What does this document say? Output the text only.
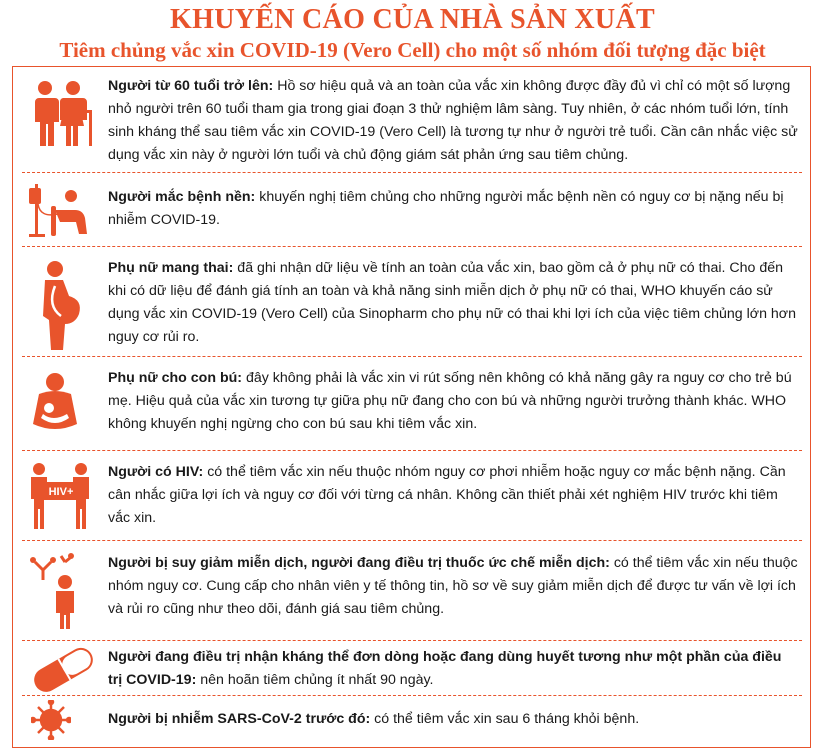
KHUYẾN CÁO CỦA NHÀ SẢN XUẤT
Tiêm chủng vắc xin COVID-19 (Vero Cell) cho một số nhóm đối tượng đặc biệt
Người từ 60 tuổi trở lên: Hồ sơ hiệu quả và an toàn của vắc xin không được đầy đủ vì chỉ có một số lượng nhỏ người trên 60 tuổi tham gia trong giai đoạn 3 thử nghiệm lâm sàng. Tuy nhiên, ở các nhóm tuổi lớn, tính sinh kháng thể sau tiêm vắc xin COVID-19 (Vero Cell) là tương tự như ở người trẻ tuổi. Cần cân nhắc việc sử dụng vắc xin này ở người lớn tuổi và chủ động giám sát phản ứng sau tiêm chủng.
Người mắc bệnh nền: khuyến nghị tiêm chủng cho những người mắc bệnh nền có nguy cơ bị nặng nếu bị nhiễm COVID-19.
Phụ nữ mang thai: đã ghi nhận dữ liệu về tính an toàn của vắc xin, bao gồm cả ở phụ nữ có thai. Cho đến khi có dữ liệu để đánh giá tính an toàn và khả năng sinh miễn dịch ở phụ nữ có thai, WHO khuyến cáo sử dụng vắc xin COVID-19 (Vero Cell) của Sinopharm cho phụ nữ có thai khi lợi ích của việc tiêm chủng lớn hơn nguy cơ rủi ro.
Phụ nữ cho con bú: đây không phải là vắc xin vi rút sống nên không có khả năng gây ra nguy cơ cho trẻ bú mẹ. Hiệu quả của vắc xin tương tự giữa phụ nữ đang cho con bú và những người trưởng thành khác. WHO không khuyến nghị ngừng cho con bú sau khi tiêm vắc xin.
HIV+
Người có HIV: có thể tiêm vắc xin nếu thuộc nhóm nguy cơ phơi nhiễm hoặc nguy cơ mắc bệnh nặng. Cần cân nhắc giữa lợi ích và nguy cơ đối với từng cá nhân. Không cần thiết phải xét nghiệm HIV trước khi tiêm vắc xin.
Người bị suy giảm miễn dịch, người đang điều trị thuốc ức chế miễn dịch: có thể tiêm vắc xin nếu thuộc nhóm nguy cơ. Cung cấp cho nhân viên y tế thông tin, hồ sơ về suy giảm miễn dịch để được tư vấn về lợi ích và rủi ro cũng như theo dõi, đánh giá sau tiêm chủng.
Người đang điều trị nhận kháng thể đơn dòng hoặc đang dùng huyết tương như một phần của điều trị COVID-19: nên hoãn tiêm chủng ít nhất 90 ngày.
Người bị nhiễm SARS-CoV-2 trước đó: có thể tiêm vắc xin sau 6 tháng khỏi bệnh.
